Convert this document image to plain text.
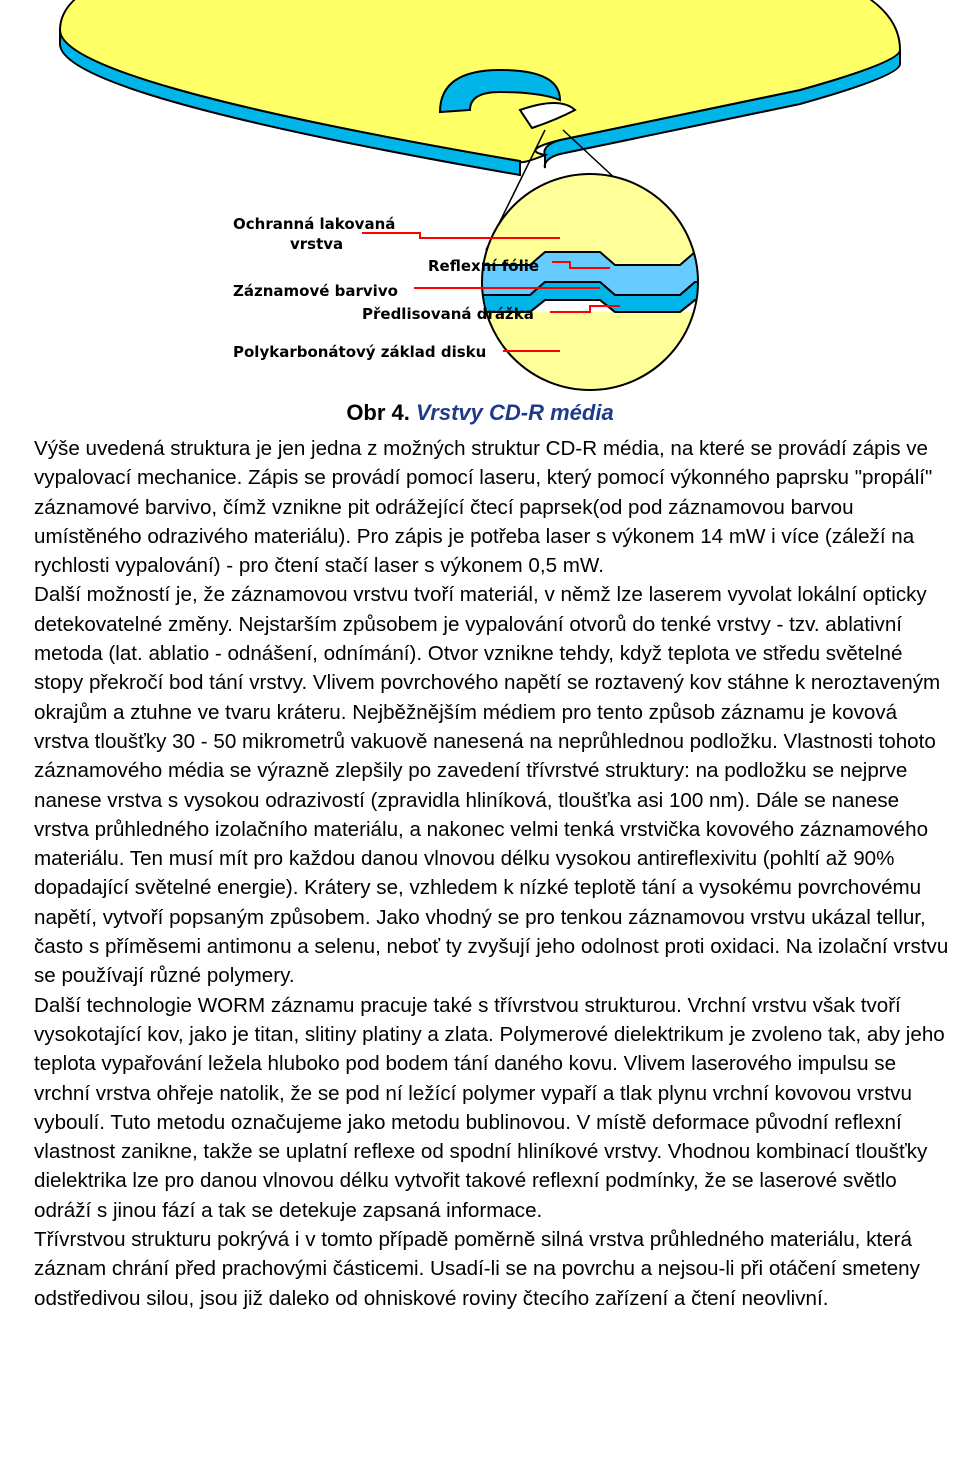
Ochranná lakovaná
vrstva
Reflexní fólie
Záznamové barvivo
Předlisovaná drážka
Polykarbonátový základ disku
Obr 4. Vrstvy CD-R média

Výše uvedená struktura je jen jedna z možných struktur CD-R média, na které se provádí zápis ve vypalovací mechanice. Zápis se provádí pomocí laseru, který pomocí výkonného paprsku "propálí" záznamové barvivo, čímž vznikne pit odrážející čtecí paprsek(od pod záznamovou barvou umístěného odrazivého materiálu). Pro zápis je potřeba laser s výkonem 14 mW i více (záleží na rychlosti vypalování) - pro čtení stačí laser s výkonem 0,5 mW.

Další možností je, že záznamovou vrstvu tvoří materiál, v němž lze laserem vyvolat lokální opticky detekovatelné změny. Nejstarším způsobem je vypalování otvorů do tenké vrstvy - tzv. ablativní metoda (lat. ablatio - odnášení, odnímání). Otvor vznikne tehdy, když teplota ve středu světelné stopy překročí bod tání vrstvy. Vlivem povrchového napětí se roztavený kov stáhne k neroztaveným okrajům a ztuhne ve tvaru kráteru. Nejběžnějším médiem pro tento způsob záznamu je kovová vrstva tloušťky 30 - 50 mikrometrů vakuově nanesená na neprůhlednou podložku. Vlastnosti tohoto záznamového média se výrazně zlepšily po zavedení třívrstvé struktury: na podložku se nejprve nanese vrstva s vysokou odrazivostí (zpravidla hliníková, tloušťka asi 100 nm). Dále se nanese vrstva průhledného izolačního materiálu, a nakonec velmi tenká vrstvička kovového záznamového materiálu. Ten musí mít pro každou danou vlnovou délku vysokou antireflexivitu (pohltí až 90% dopadající světelné energie). Krátery se, vzhledem k nízké teplotě tání a vysokému povrchovému napětí, vytvoří popsaným způsobem. Jako vhodný se pro tenkou záznamovou vrstvu ukázal tellur, často s příměsemi antimonu a selenu, neboť ty zvyšují jeho odolnost proti oxidaci. Na izolační vrstvu se používají různé polymery.

Další technologie WORM záznamu pracuje také s třívrstvou strukturou. Vrchní vrstvu však tvoří vysokotající kov, jako je titan, slitiny platiny a zlata. Polymerové dielektrikum je zvoleno tak, aby jeho teplota vypařování ležela hluboko pod bodem tání daného kovu. Vlivem laserového impulsu se vrchní vrstva ohřeje natolik, že se pod ní ležící polymer vypaří a tlak plynu vrchní kovovou vrstvu vyboulí. Tuto metodu označujeme jako metodu bublinovou. V místě deformace původní reflexní vlastnost zanikne, takže se uplatní reflexe od spodní hliníkové vrstvy. Vhodnou kombinací tloušťky dielektrika lze pro danou vlnovou délku vytvořit takové reflexní podmínky, že se laserové světlo odráží s jinou fází a tak se detekuje zapsaná informace.

Třívrstvou strukturu pokrývá i v tomto případě poměrně silná vrstva průhledného materiálu, která záznam chrání před prachovými částicemi. Usadí-li se na povrchu a nejsou-li při otáčení smeteny odstředivou silou, jsou již daleko od ohniskové roviny čtecího zařízení a čtení neovlivní.
